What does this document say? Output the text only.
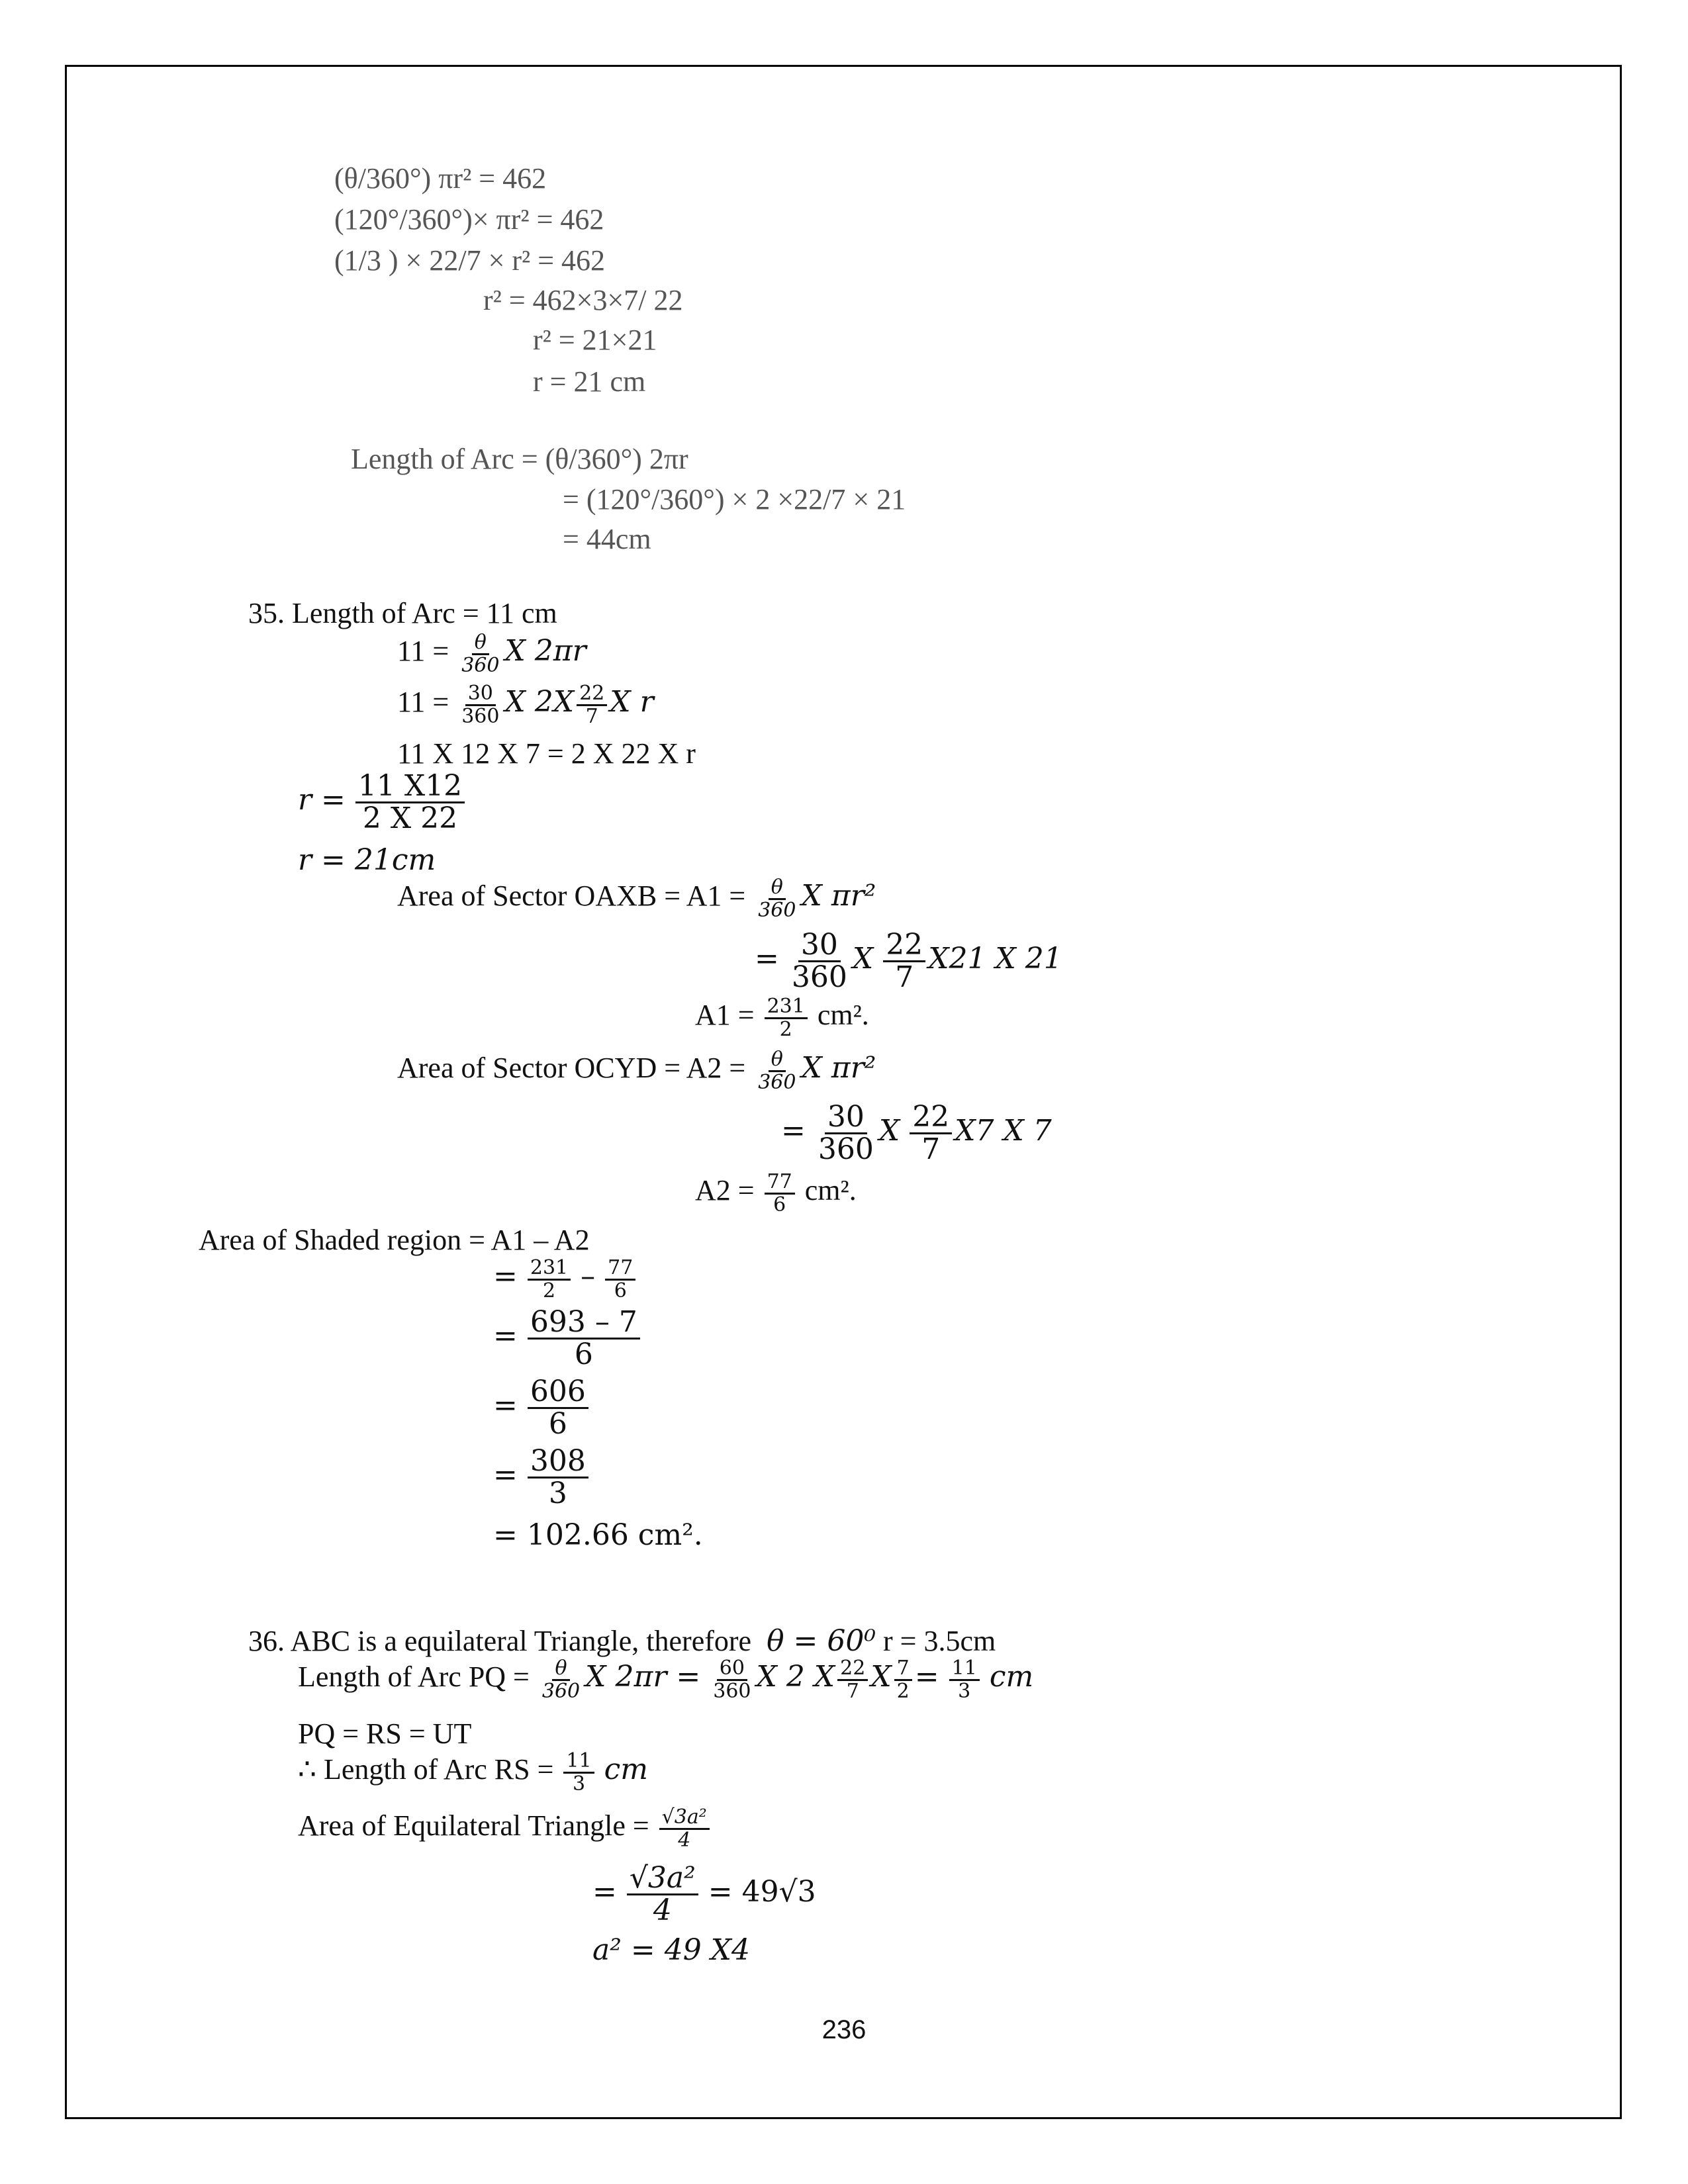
(θ/360°) πr² = 462
(120°/360°)× πr² = 462
(1/3 ) × 22/7 × r² = 462
r² = 462×3×7/ 22
r² = 21×21
r = 21 cm
Length of Arc = (θ/360°) 2πr
= (120°/360°) × 2 ×22/7 × 21
= 44cm
35. Length of Arc = 11 cm
$11 = \frac{\theta}{360}$ X 2πr
$11 = \frac{30}{360}$ X $2X \frac{22}{7}$ X r
11 X 12 X 7 = 2 X 22 X r
$r = \frac{11 X12}{2 X 22}$
r = 21cm
Area of Sector OAXB = $A1 = \frac{\theta}{360}$ X πr²
= $\frac{30}{360}$ X $\frac{22}{7} X21$ X 21
$A1 = \frac{231}{2} cm^2$.
Area of Sector OCYD = $A2 = \frac{\theta}{360}$ X πr²
= $\frac{30}{360}$ X $\frac{22}{7} X7$ X 7
$A2 = \frac{77}{6} cm^2$.
Area of Shaded region = A1 – A2
= $\frac{231}{2} - \frac{77}{6}$
= $\frac{693 - 7}{6}$
= $\frac{606}{6}$
= $\frac{308}{3}$
= 102.66 cm².
36. ABC is a equilateral Triangle, therefore θ = 60⁰ r = 3.5cm
Length of Arc PQ = $\frac{\theta}{360}$ X $2\pi r = \frac{60}{360}$ X 2 X $\frac{22}{7}$ X $\frac{7}{2} = \frac{11}{3}$ cm
PQ = RS = UT
∴ Length of Arc RS = $\frac{11}{3}$ cm
Area of Equilateral Triangle = $\frac{\text{√3a²}}{4}$
= $\frac{\text{√3a²}}{4} = 49√3$
a² = 49 X4
236
